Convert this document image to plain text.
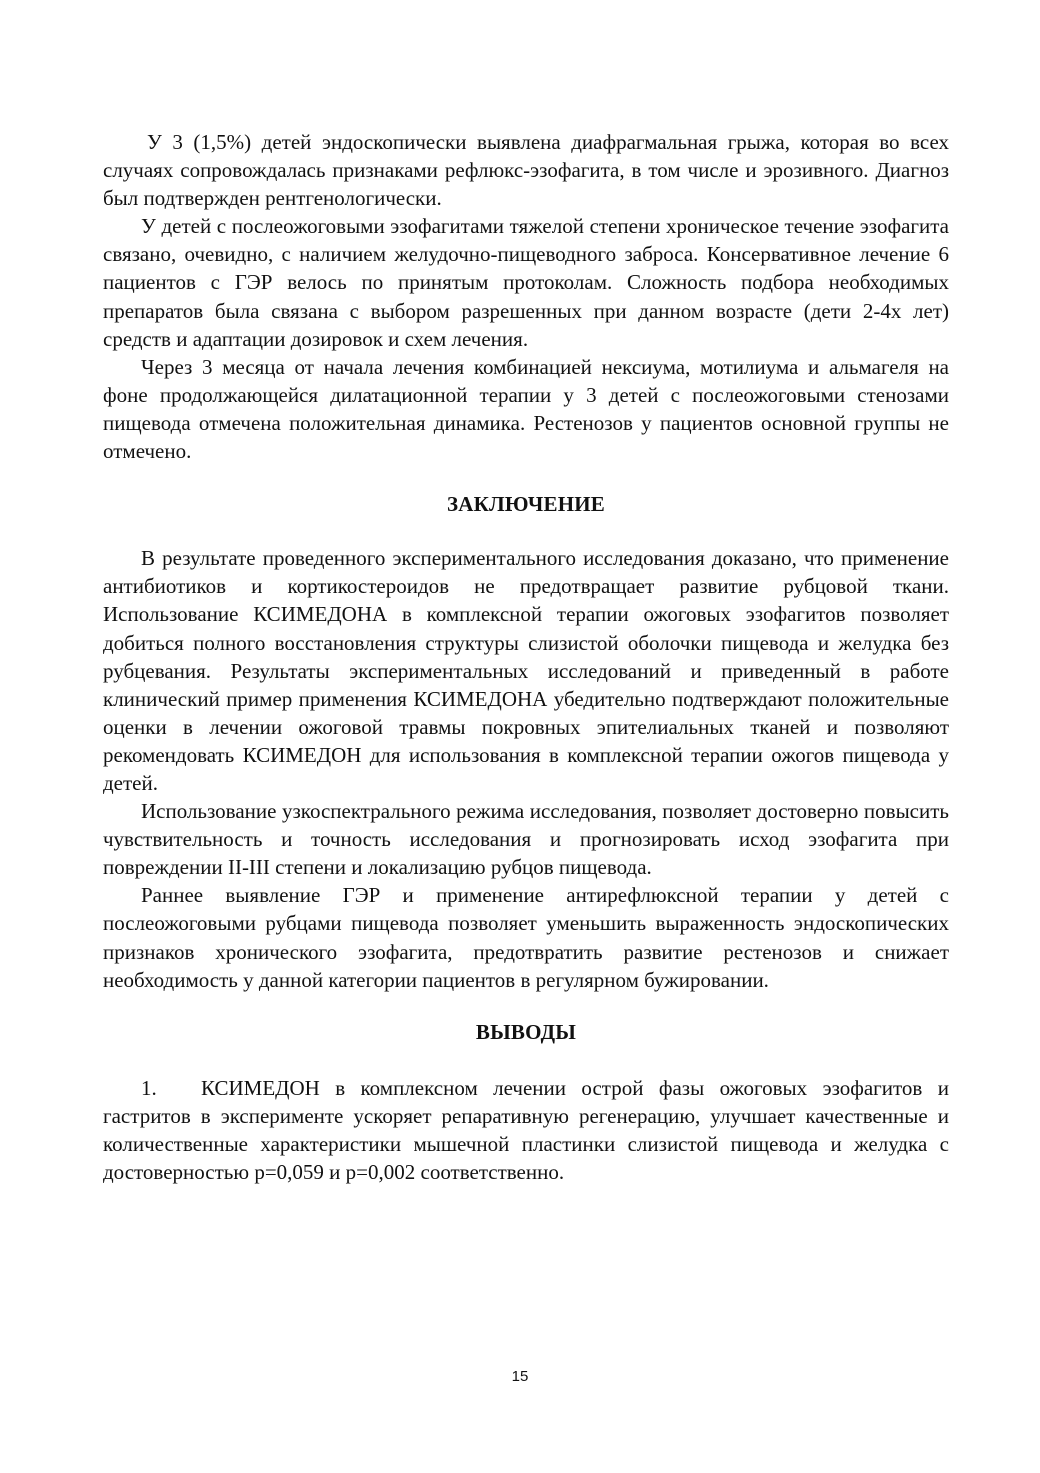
У 3 (1,5%) детей эндоскопически выявлена диафрагмальная грыжа, которая во всех случаях сопровождалась признаками рефлюкс-эзофагита, в том числе и эрозивного. Диагноз был подтвержден рентгенологически.

У детей с послеожоговыми эзофагитами тяжелой степени хроническое течение эзофагита связано, очевидно, с наличием желудочно-пищеводного заброса. Консервативное лечение 6 пациентов с ГЭР велось по принятым протоколам. Сложность подбора необходимых препаратов была связана с выбором разрешенных при данном возрасте (дети 2-4х лет) средств и адаптации дозировок и схем лечения.

Через 3 месяца от начала лечения комбинацией нексиума, мотилиума и альмагеля на фоне продолжающейся дилатационной терапии у 3 детей с послеожоговыми стенозами пищевода отмечена положительная динамика. Рестенозов у пациентов основной группы не отмечено.

ЗАКЛЮЧЕНИЕ

В результате проведенного экспериментального исследования доказано, что применение антибиотиков и кортикостероидов не предотвращает развитие рубцовой ткани. Использование КСИМЕДОНА в комплексной терапии ожоговых эзофагитов позволяет добиться полного восстановления структуры слизистой оболочки пищевода и желудка без рубцевания. Результаты экспериментальных исследований и приведенный в работе клинический пример применения КСИМЕДОНА убедительно подтверждают положительные оценки в лечении ожоговой травмы покровных эпителиальных тканей и позволяют рекомендовать КСИМЕДОН для использования в комплексной терапии ожогов пищевода у детей.

Использование узкоспектрального режима исследования, позволяет достоверно повысить чувствительность и точность исследования и прогнозировать исход эзофагита при повреждении II-III степени и локализацию рубцов пищевода.

Раннее выявление ГЭР и применение антирефлюксной терапии у детей с послеожоговыми рубцами пищевода позволяет уменьшить выраженность эндоскопических признаков хронического эзофагита, предотвратить развитие рестенозов и снижает необходимость у данной категории пациентов в регулярном бужировании.

ВЫВОДЫ

1. КСИМЕДОН в комплексном лечении острой фазы ожоговых эзофагитов и гастритов в эксперименте ускоряет репаративную регенерацию, улучшает качественные и количественные характеристики мышечной пластинки слизистой пищевода и желудка с достоверностью p=0,059 и p=0,002 соответственно.

15
